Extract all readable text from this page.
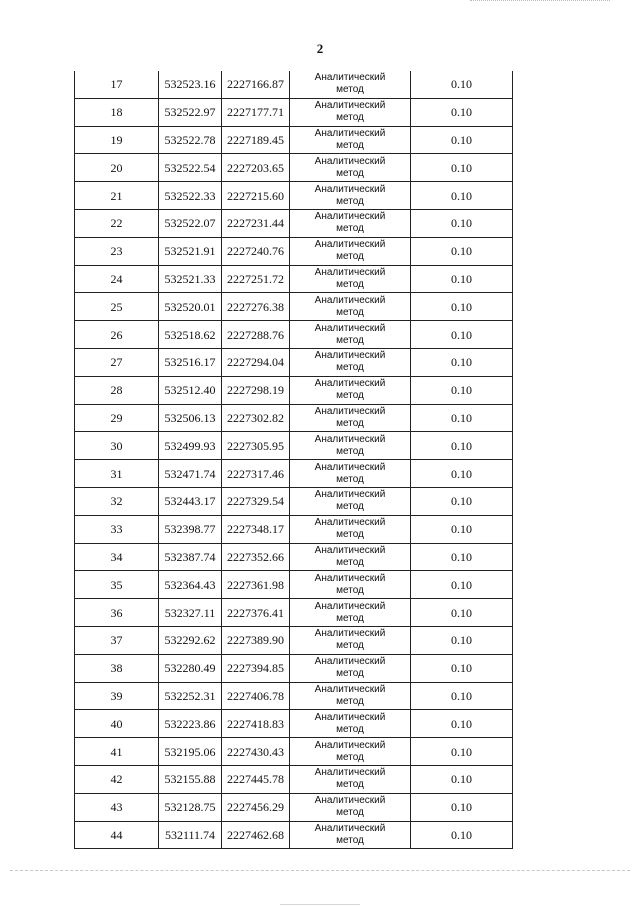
2
17	532523.16	2227166.87	Аналитический
метод	0.10
18	532522.97	2227177.71	Аналитический
метод	0.10
19	532522.78	2227189.45	Аналитический
метод	0.10
20	532522.54	2227203.65	Аналитический
метод	0.10
21	532522.33	2227215.60	Аналитический
метод	0.10
22	532522.07	2227231.44	Аналитический
метод	0.10
23	532521.91	2227240.76	Аналитический
метод	0.10
24	532521.33	2227251.72	Аналитический
метод	0.10
25	532520.01	2227276.38	Аналитический
метод	0.10
26	532518.62	2227288.76	Аналитический
метод	0.10
27	532516.17	2227294.04	Аналитический
метод	0.10
28	532512.40	2227298.19	Аналитический
метод	0.10
29	532506.13	2227302.82	Аналитический
метод	0.10
30	532499.93	2227305.95	Аналитический
метод	0.10
31	532471.74	2227317.46	Аналитический
метод	0.10
32	532443.17	2227329.54	Аналитический
метод	0.10
33	532398.77	2227348.17	Аналитический
метод	0.10
34	532387.74	2227352.66	Аналитический
метод	0.10
35	532364.43	2227361.98	Аналитический
метод	0.10
36	532327.11	2227376.41	Аналитический
метод	0.10
37	532292.62	2227389.90	Аналитический
метод	0.10
38	532280.49	2227394.85	Аналитический
метод	0.10
39	532252.31	2227406.78	Аналитический
метод	0.10
40	532223.86	2227418.83	Аналитический
метод	0.10
41	532195.06	2227430.43	Аналитический
метод	0.10
42	532155.88	2227445.78	Аналитический
метод	0.10
43	532128.75	2227456.29	Аналитический
метод	0.10
44	532111.74	2227462.68	Аналитический
метод	0.10
